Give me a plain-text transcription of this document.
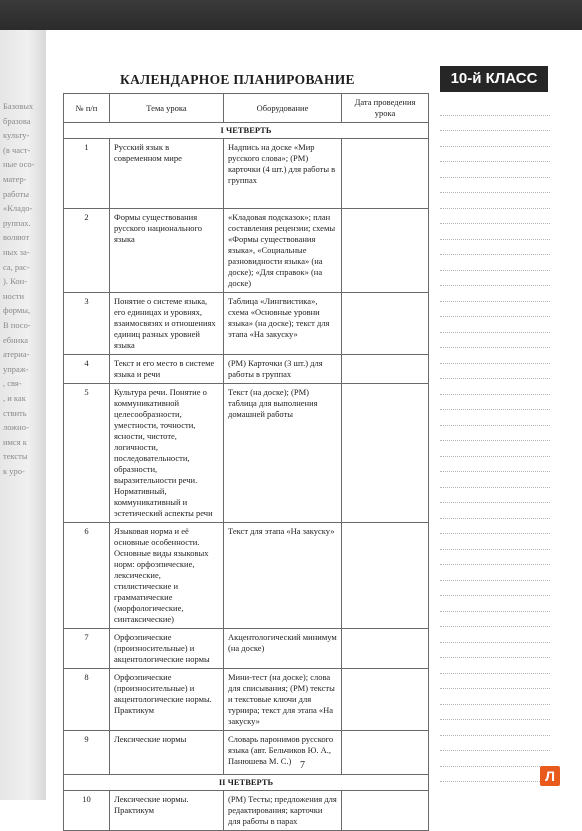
Базовых
бразова
культу-
(в част-
ные осо-
матер-
работы
«Кладо-
руппах.
воляют
ных за-
са, рас-
). Кон-
ности
формы,
В посо-
ебника
атериа-
упраж-
, свя-
, и как
ствить
ложно-
имся к
тексты
к уро-
КАЛЕНДАРНОЕ ПЛАНИРОВАНИЕ	10-й КЛАСС
№ п/п	Тема урока	Оборудование	Дата проведения урока
I ЧЕТВЕРТЬ			
1	Русский язык в современном мире	Надпись на доске «Мир русского слова»; (РМ) карточки (4 шт.) для работы в группах	
2	Формы существования русского национального языка	«Кладовая подсказок»; план составления рецензии; схемы «Формы существования языка», «Социальные разновидности языка» (на доске); «Для справок» (на доске)	
3	Понятие о системе языка, его единицах и уровнях, взаимосвязях и отношениях единиц разных уровней языка	Таблица «Лингвистика», схема «Основные уровни языка» (на доске); текст для этапа «На закуску»	
4	Текст и его место в системе языка и речи	(РМ) Карточки (3 шт.) для работы в группах	
5	Культура речи. Понятие о коммуникативной целесообразности, уместности, точности, ясности, чистоте, логичности, последовательности, образности, выразительности речи. Нормативный, коммуникативный и эстетический аспекты речи	Текст (на доске); (РМ) таблица для выполнения домашней работы	
6	Языковая норма и её основные особенности. Основные виды языковых норм: орфоэпические, лексические, стилистические и грамматические (морфологические, синтаксические)	Текст для этапа «На закуску»	
7	Орфоэпические (произносительные) и акцентологические нормы	Акцентологический минимум (на доске)	
8	Орфоэпические (произносительные) и акцентологические нормы. Практикум	Мини-тест (на доске); слова для списывания; (РМ) тексты и текстовые ключи для турнира; текст для этапа «На закуску»	
9	Лексические нормы	Словарь паронимов русского языка (авт. Бельчиков Ю. А., Панюшева М. С.)	
II ЧЕТВЕРТЬ			
10	Лексические нормы. Практикум	(РМ) Тесты; предложения для редактирования; карточки для работы в парах	
7
Л
